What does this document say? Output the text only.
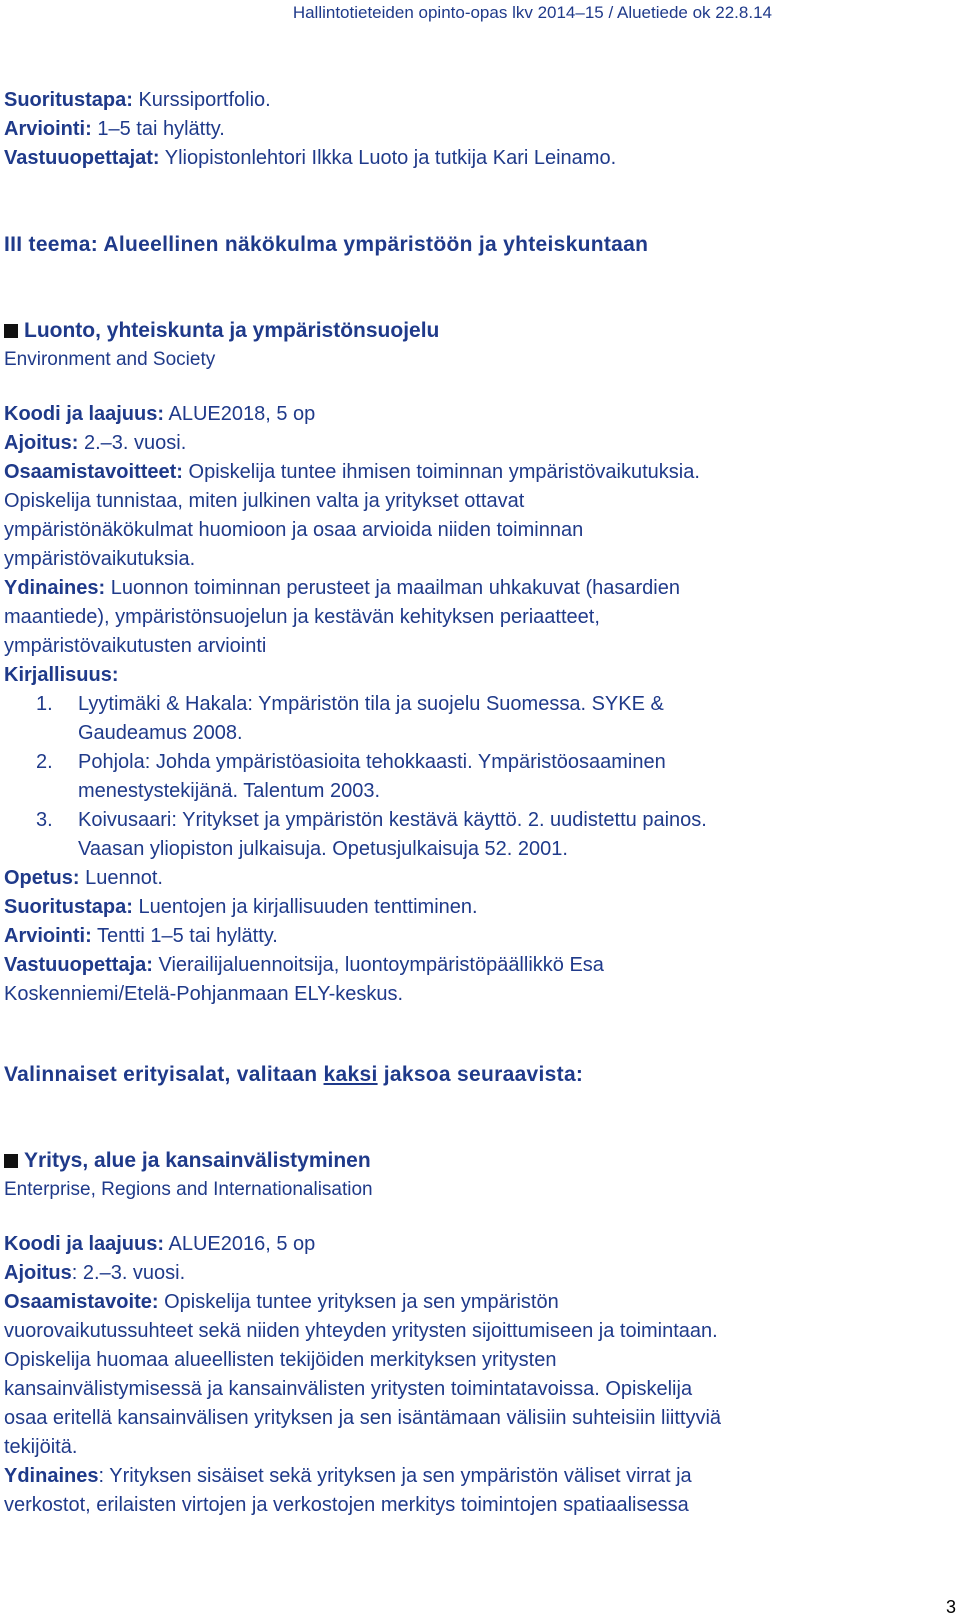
Hallintotieteiden opinto-opas lkv 2014–15 / Aluetiede ok 22.8.14
Suoritustapa: Kurssiportfolio.
Arviointi: 1–5 tai hylätty.
Vastuuopettajat: Yliopistonlehtori Ilkka Luoto ja tutkija Kari Leinamo.
III teema: Alueellinen näkökulma ympäristöön ja yhteiskuntaan
Luonto, yhteiskunta ja ympäristönsuojelu
Environment and Society
Koodi ja laajuus: ALUE2018, 5 op
Ajoitus: 2.–3. vuosi.
Osaamistavoitteet: Opiskelija tuntee ihmisen toiminnan ympäristövaikutuksia.
Opiskelija tunnistaa, miten julkinen valta ja yritykset ottavat
ympäristönäkökulmat huomioon ja osaa arvioida niiden toiminnan
ympäristövaikutuksia.
Ydinaines: Luonnon toiminnan perusteet ja maailman uhkakuvat (hasardien
maantiede), ympäristönsuojelun ja kestävän kehityksen periaatteet,
ympäristövaikutusten arviointi
Kirjallisuus:
1. Lyytimäki & Hakala: Ympäristön tila ja suojelu Suomessa. SYKE &
Gaudeamus 2008.
2. Pohjola: Johda ympäristöasioita tehokkaasti. Ympäristöosaaminen
menestystekijänä. Talentum 2003.
3. Koivusaari: Yritykset ja ympäristön kestävä käyttö. 2. uudistettu painos.
Vaasan yliopiston julkaisuja. Opetusjulkaisuja 52. 2001.
Opetus: Luennot.
Suoritustapa: Luentojen ja kirjallisuuden tenttiminen.
Arviointi: Tentti 1–5 tai hylätty.
Vastuuopettaja: Vierailijaluennoitsija, luontoympäristöpäällikkö Esa
Koskenniemi/Etelä-Pohjanmaan ELY-keskus.
Valinnaiset erityisalat, valitaan kaksi jaksoa seuraavista:
Yritys, alue ja kansainvälistyminen
Enterprise, Regions and Internationalisation
Koodi ja laajuus: ALUE2016, 5 op
Ajoitus: 2.–3. vuosi.
Osaamistavoite: Opiskelija tuntee yrityksen ja sen ympäristön
vuorovaikutussuhteet sekä niiden yhteyden yritysten sijoittumiseen ja toimintaan.
Opiskelija huomaa alueellisten tekijöiden merkityksen yritysten
kansainvälistymisessä ja kansainvälisten yritysten toimintatavoissa. Opiskelija
osaa eritellä kansainvälisen yrityksen ja sen isäntämaan välisiin suhteisiin liittyviä
tekijöitä.
Ydinaines: Yrityksen sisäiset sekä yrityksen ja sen ympäristön väliset virrat ja
verkostot, erilaisten virtojen ja verkostojen merkitys toimintojen spatiaalisessa
3
